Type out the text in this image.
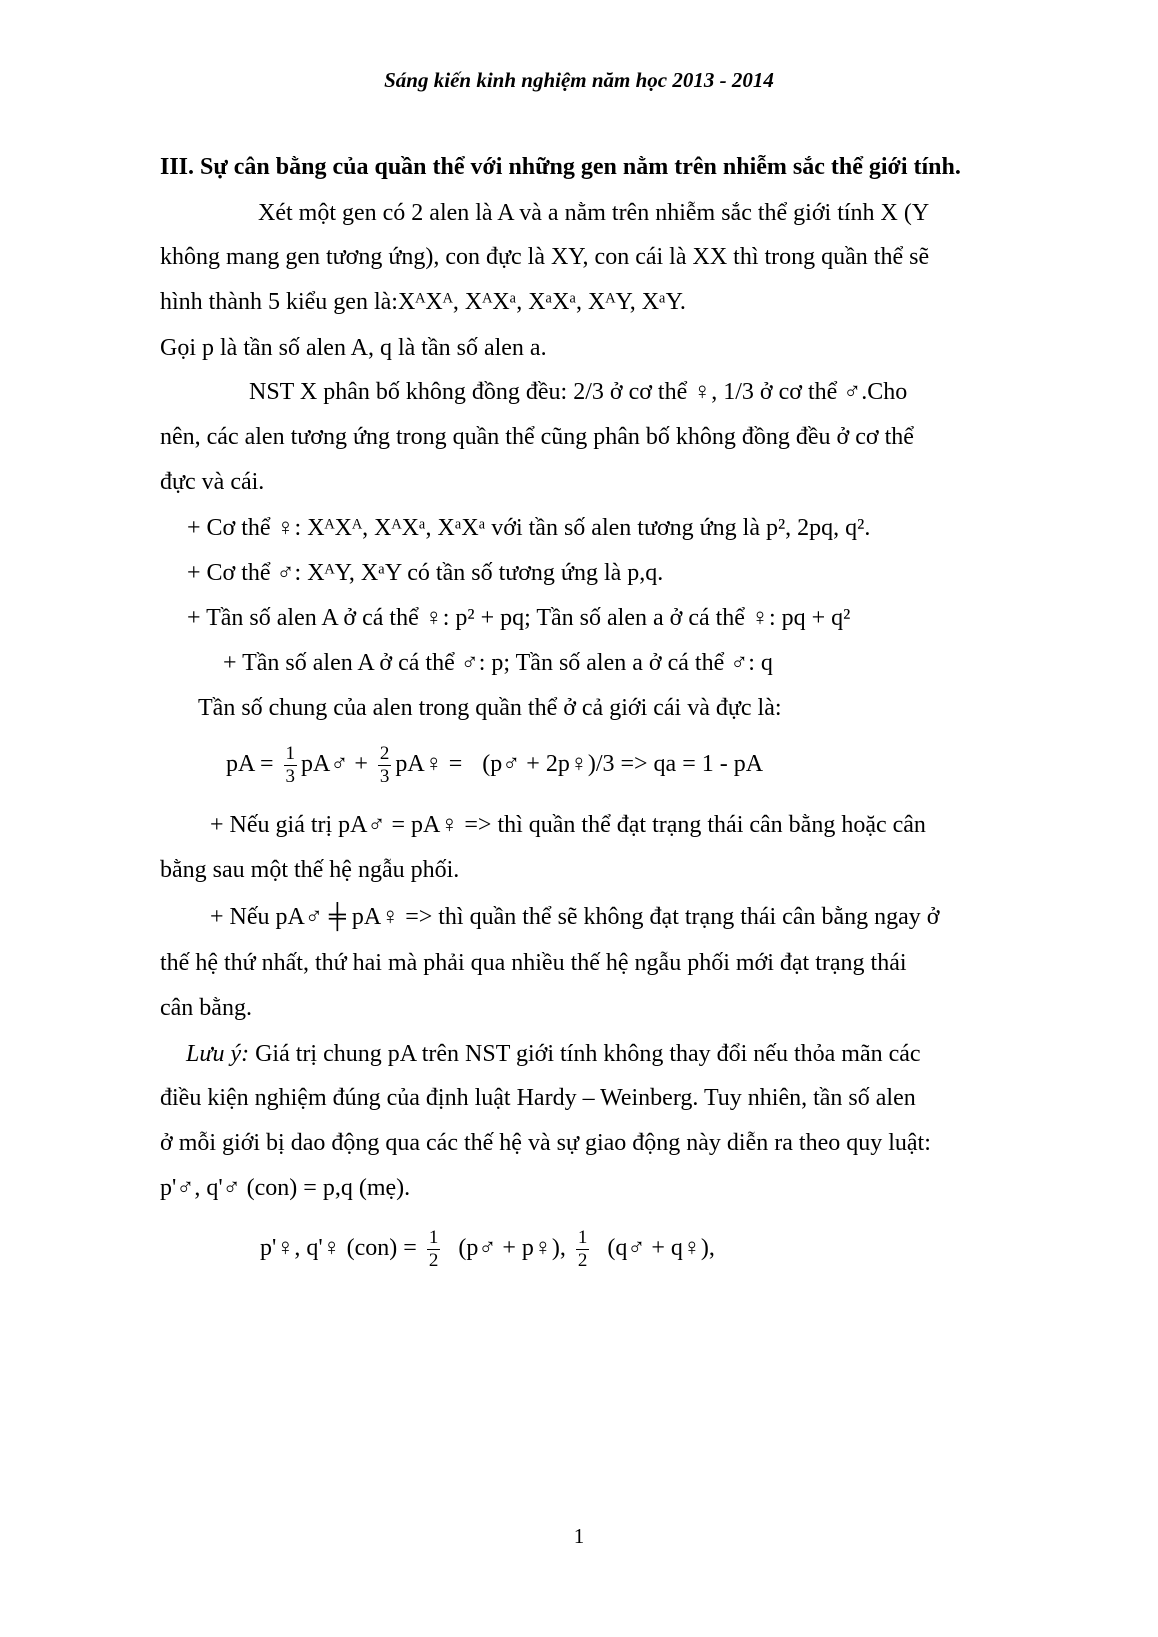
Sáng kiến kinh nghiệm năm học 2013 - 2014
III. Sự cân bằng của quần thể với những gen nằm trên nhiễm sắc thể giới tính.
Xét một gen có 2 alen là A và a nằm trên nhiễm sắc thể giới tính X (Y
không mang gen tương ứng), con đực là XY, con cái là XX thì trong quần thể sẽ
hình thành 5 kiểu gen là:XᴬXᴬ, XᴬXᵃ, XᵃXᵃ, XᴬY, XᵃY.
Gọi p là tần số alen A, q là tần số alen a.
NST X phân bố không đồng đều: 2/3 ở cơ thể ♀, 1/3 ở cơ thể ♂.Cho
nên, các alen tương ứng trong quần thể cũng phân bố không đồng đều ở cơ thể
đực và cái.
+ Cơ thể ♀: XᴬXᴬ, XᴬXᵃ, XᵃXᵃ với tần số alen tương ứng là p², 2pq, q².
+ Cơ thể ♂: XᴬY, XᵃY có tần số tương ứng là p,q.
+ Tần số alen A ở cá thể ♀: p² + pq; Tần số alen a ở cá thể ♀: pq + q²
+ Tần số alen A ở cá thể ♂: p; Tần số alen a ở cá thể ♂: q
Tần số chung của alen trong quần thể ở cả giới cái và đực là:
pA = $\frac{1}{3}$ pA♂ + $\frac{2}{3}$ pA♀ = (p♂ + 2p♀)/3 => qa = 1 - pA
+ Nếu giá trị pA♂ = pA♀ => thì quần thể đạt trạng thái cân bằng hoặc cân
bằng sau một thế hệ ngẫu phối.
+ Nếu pA♂ ╪ pA♀ => thì quần thể sẽ không đạt trạng thái cân bằng ngay ở
thế hệ thứ nhất, thứ hai mà phải qua nhiều thế hệ ngẫu phối mới đạt trạng thái
cân bằng.
Lưu ý: Giá trị chung pA trên NST giới tính không thay đổi nếu thỏa mãn các
điều kiện nghiệm đúng của định luật Hardy – Weinberg. Tuy nhiên, tần số alen
ở mỗi giới bị dao động qua các thế hệ và sự giao động này diễn ra theo quy luật:
p'♂, q'♂ (con) = p,q (mẹ).
p'♀, q'♀ $(con) = \frac{1}{2}$ (p♂ + p♀), $\frac{1}{2}$ (q♂ + q♀),
1
